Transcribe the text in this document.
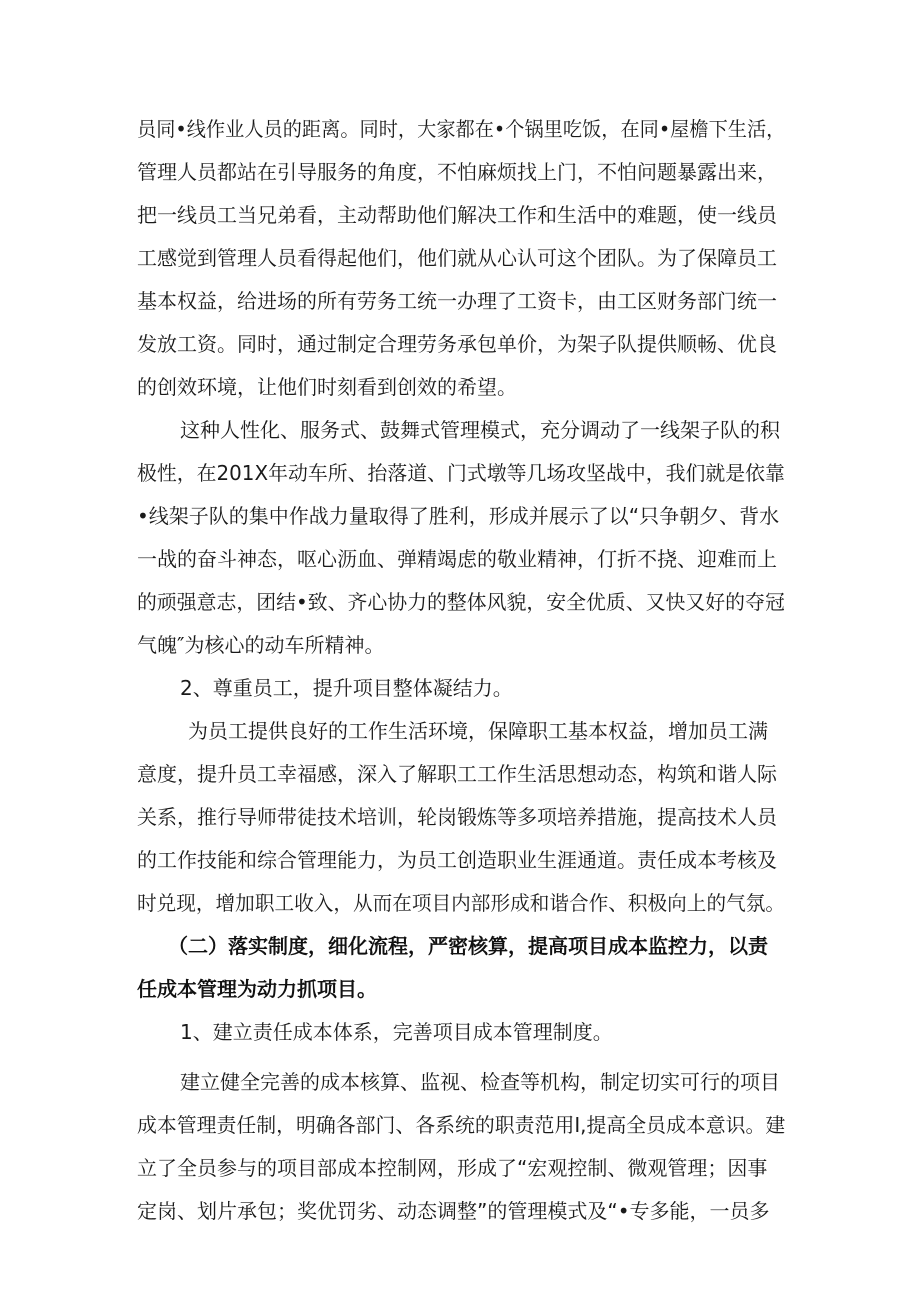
员同•线作业人员的距离。同时，大家都在•个锅里吃饭，在同•屋檐下生活，
管理人员都站在引导服务的角度，不怕麻烦找上门，不怕问题暴露出来，
把一线员工当兄弟看，主动帮助他们解决工作和生活中的难题，使一线员
工感觉到管理人员看得起他们，他们就从心认可这个团队。为了保障员工
基本权益，给进场的所有劳务工统一办理了工资卡，由工区财务部门统一
发放工资。同时，通过制定合理劳务承包单价，为架子队提供顺畅、优良
的创效环境，让他们时刻看到创效的希望。
这种人性化、服务式、鼓舞式管理模式，充分调动了一线架子队的积
极性，在201X年动车所、抬落道、门式墩等几场攻坚战中，我们就是依靠
•线架子队的集中作战力量取得了胜利，形成并展示了以“只争朝夕、背水
一战的奋斗神态，呕心沥血、弹精竭虑的敬业精神，仃折不挠、迎难而上
的顽强意志，团结•致、齐心协力的整体风貌，安全优质、又快又好的夺冠
气魄″为核心的动车所精神。
2、尊重员工，提升项目整体凝结力。
为员工提供良好的工作生活环境，保障职工基本权益，增加员工满
意度，提升员工幸福感，深入了解职工工作生活思想动态，构筑和谐人际
关系，推行导师带徒技术培训，轮岗锻炼等多项培养措施，提高技术人员
的工作技能和综合管理能力，为员工创造职业生涯通道。责任成本考核及
时兑现，增加职工收入，从而在项目内部形成和谐合作、积极向上的气氛。
（二）落实制度，细化流程，严密核算，提高项目成本监控力，以责
任成本管理为动力抓项目。
1、建立责任成本体系，完善项目成本管理制度。
建立健全完善的成本核算、监视、检查等机构，制定切实可行的项目
成本管理责任制，明确各部门、各系统的职责范用Ⅰ,提高全员成本意识。建
立了全员参与的项目部成本控制网，形成了“宏观控制、微观管理；因事
定岗、划片承包；奖优罚劣、动态调整”的管理模式及“•专多能，一员多
